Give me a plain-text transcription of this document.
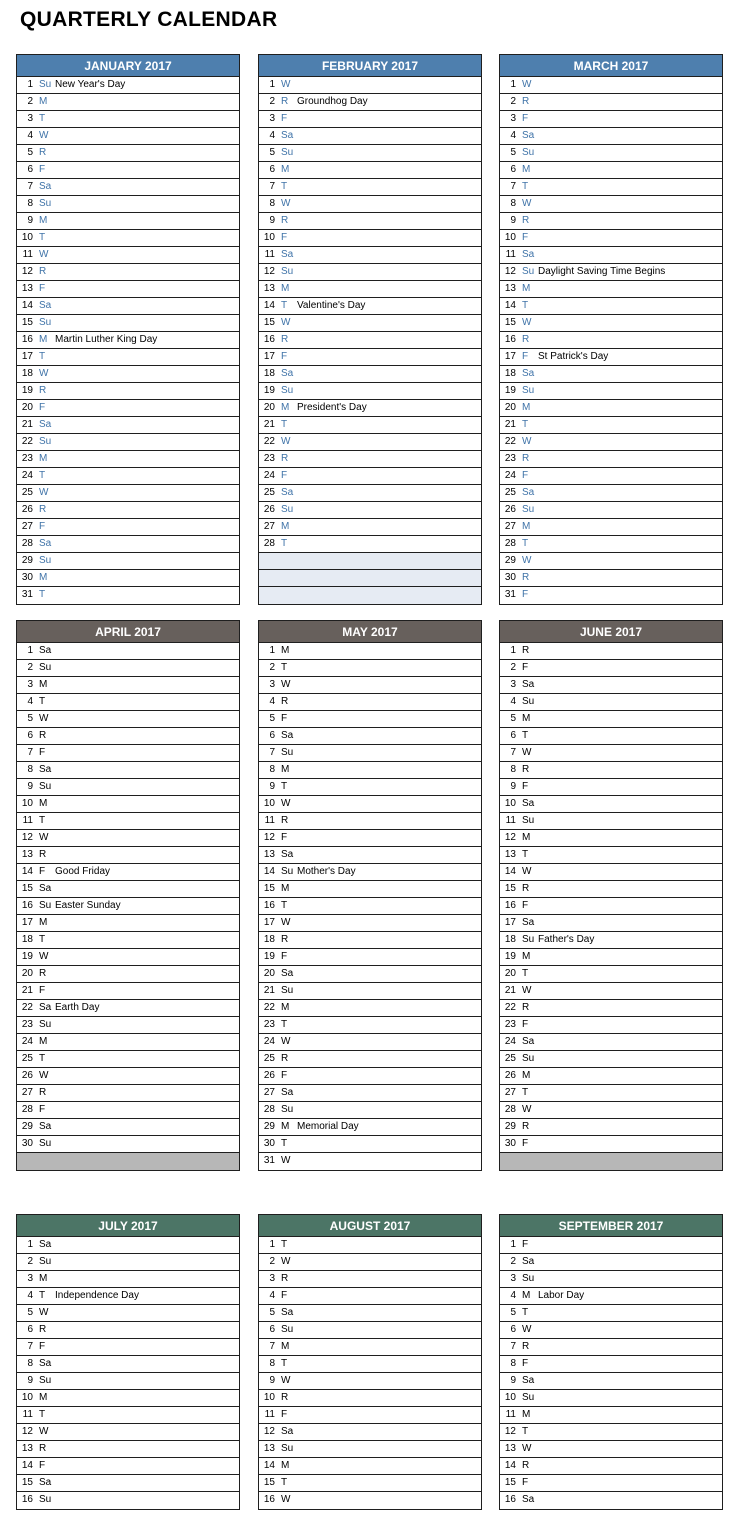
QUARTERLY CALENDAR
JANUARY 2017
1 Su New Year's Day
2 M
3 T
4 W
5 R
6 F
7 Sa
8 Su
9 M
10 T
11 W
12 R
13 F
14 Sa
15 Su
16 M Martin Luther King Day
17 T
18 W
19 R
20 F
21 Sa
22 Su
23 M
24 T
25 W
26 R
27 F
28 Sa
29 Su
30 M
31 T
FEBRUARY 2017
1 W
2 R Groundhog Day
3 F
4 Sa
5 Su
6 M
7 T
8 W
9 R
10 F
11 Sa
12 Su
13 M
14 T Valentine's Day
15 W
16 R
17 F
18 Sa
19 Su
20 M President's Day
21 T
22 W
23 R
24 F
25 Sa
26 Su
27 M
28 T
MARCH 2017
1 W
2 R
3 F
4 Sa
5 Su
6 M
7 T
8 W
9 R
10 F
11 Sa
12 Su Daylight Saving Time Begins
13 M
14 T
15 W
16 R
17 F St Patrick's Day
18 Sa
19 Su
20 M
21 T
22 W
23 R
24 F
25 Sa
26 Su
27 M
28 T
29 W
30 R
31 F
APRIL 2017
1 Sa
2 Su
3 M
4 T
5 W
6 R
7 F
8 Sa
9 Su
10 M
11 T
12 W
13 R
14 F Good Friday
15 Sa
16 Su Easter Sunday
17 M
18 T
19 W
20 R
21 F
22 Sa Earth Day
23 Su
24 M
25 T
26 W
27 R
28 F
29 Sa
30 Su
MAY 2017
1 M
2 T
3 W
4 R
5 F
6 Sa
7 Su
8 M
9 T
10 W
11 R
12 F
13 Sa
14 Su Mother's Day
15 M
16 T
17 W
18 R
19 F
20 Sa
21 Su
22 M
23 T
24 W
25 R
26 F
27 Sa
28 Su
29 M Memorial Day
30 T
31 W
JUNE 2017
1 R
2 F
3 Sa
4 Su
5 M
6 T
7 W
8 R
9 F
10 Sa
11 Su
12 M
13 T
14 W
15 R
16 F
17 Sa
18 Su Father's Day
19 M
20 T
21 W
22 R
23 F
24 Sa
25 Su
26 M
27 T
28 W
29 R
30 F
JULY 2017
1 Sa
2 Su
3 M
4 T Independence Day
5 W
6 R
7 F
8 Sa
9 Su
10 M
11 T
12 W
13 R
14 F
15 Sa
16 Su
AUGUST 2017
1 T
2 W
3 R
4 F
5 Sa
6 Su
7 M
8 T
9 W
10 R
11 F
12 Sa
13 Su
14 M
15 T
16 W
SEPTEMBER 2017
1 F
2 Sa
3 Su
4 M Labor Day
5 T
6 W
7 R
8 F
9 Sa
10 Su
11 M
12 T
13 W
14 R
15 F
16 Sa
